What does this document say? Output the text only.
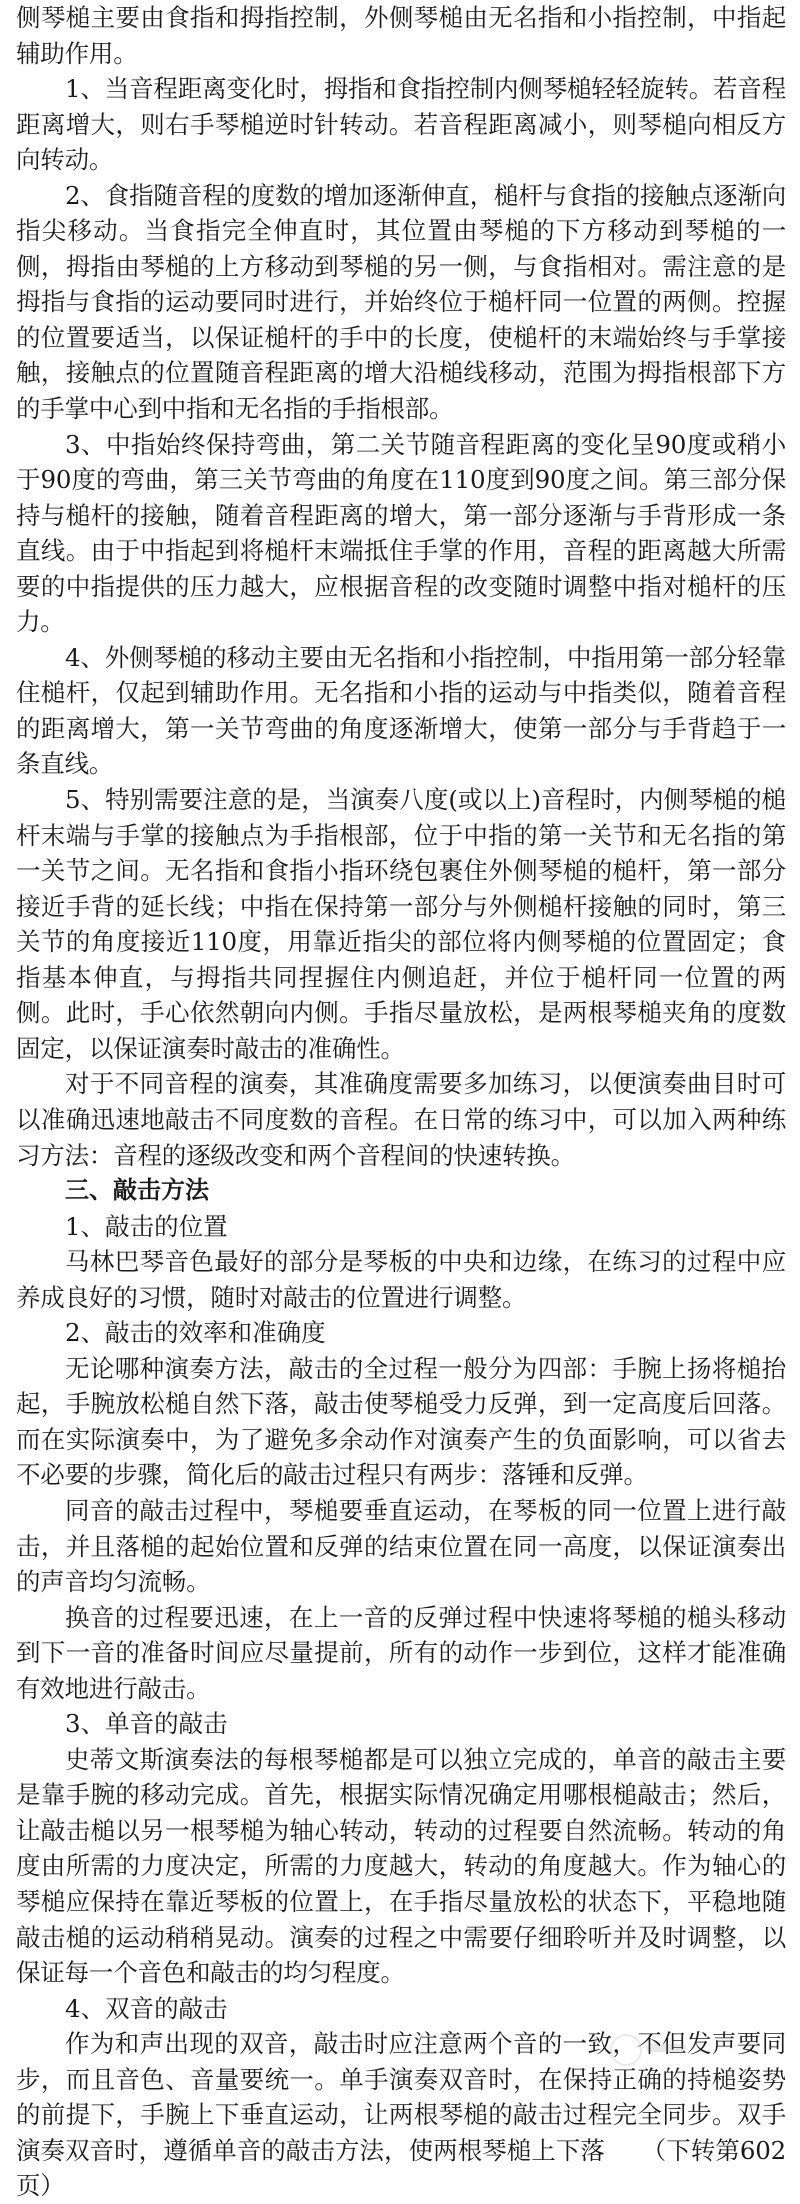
侧琴槌主要由食指和拇指控制，外侧琴槌由无名指和小指控制，中指起辅助作用。

1、当音程距离变化时，拇指和食指控制内侧琴槌轻轻旋转。若音程距离增大，则右手琴槌逆时针转动。若音程距离减小，则琴槌向相反方向转动。

2、食指随音程的度数的增加逐渐伸直，槌杆与食指的接触点逐渐向指尖移动。当食指完全伸直时，其位置由琴槌的下方移动到琴槌的一侧，拇指由琴槌的上方移动到琴槌的另一侧，与食指相对。需注意的是拇指与食指的运动要同时进行，并始终位于槌杆同一位置的两侧。控握的位置要适当，以保证槌杆的手中的长度，使槌杆的末端始终与手掌接触，接触点的位置随音程距离的增大沿槌线移动，范围为拇指根部下方的手掌中心到中指和无名指的手指根部。

3、中指始终保持弯曲，第二关节随音程距离的变化呈90度或稍小于90度的弯曲，第三关节弯曲的角度在110度到90度之间。第三部分保持与槌杆的接触，随着音程距离的增大，第一部分逐渐与手背形成一条直线。由于中指起到将槌杆末端抵住手掌的作用，音程的距离越大所需要的中指提供的压力越大，应根据音程的改变随时调整中指对槌杆的压力。

4、外侧琴槌的移动主要由无名指和小指控制，中指用第一部分轻靠住槌杆，仅起到辅助作用。无名指和小指的运动与中指类似，随着音程的距离增大，第一关节弯曲的角度逐渐增大，使第一部分与手背趋于一条直线。

5、特别需要注意的是，当演奏八度(或以上)音程时，内侧琴槌的槌杆末端与手掌的接触点为手指根部，位于中指的第一关节和无名指的第一关节之间。无名指和食指小指环绕包裹住外侧琴槌的槌杆，第一部分接近手背的延长线；中指在保持第一部分与外侧槌杆接触的同时，第三关节的角度接近110度，用靠近指尖的部位将内侧琴槌的位置固定；食指基本伸直，与拇指共同捏握住内侧追赶，并位于槌杆同一位置的两侧。此时，手心依然朝向内侧。手指尽量放松，是两根琴槌夹角的度数固定，以保证演奏时敲击的准确性。

对于不同音程的演奏，其准确度需要多加练习，以便演奏曲目时可以准确迅速地敲击不同度数的音程。在日常的练习中，可以加入两种练习方法：音程的逐级改变和两个音程间的快速转换。

三、敲击方法

1、敲击的位置

马林巴琴音色最好的部分是琴板的中央和边缘，在练习的过程中应养成良好的习惯，随时对敲击的位置进行调整。

2、敲击的效率和准确度

无论哪种演奏方法，敲击的全过程一般分为四部：手腕上扬将槌抬起，手腕放松槌自然下落，敲击使琴槌受力反弹，到一定高度后回落。而在实际演奏中，为了避免多余动作对演奏产生的负面影响，可以省去不必要的步骤，简化后的敲击过程只有两步：落锤和反弹。

同音的敲击过程中，琴槌要垂直运动，在琴板的同一位置上进行敲击，并且落槌的起始位置和反弹的结束位置在同一高度，以保证演奏出的声音均匀流畅。

换音的过程要迅速，在上一音的反弹过程中快速将琴槌的槌头移动到下一音的准备时间应尽量提前，所有的动作一步到位，这样才能准确有效地进行敲击。

3、单音的敲击

史蒂文斯演奏法的每根琴槌都是可以独立完成的，单音的敲击主要是靠手腕的移动完成。首先，根据实际情况确定用哪根槌敲击；然后，让敲击槌以另一根琴槌为轴心转动，转动的过程要自然流畅。转动的角度由所需的力度决定，所需的力度越大，转动的角度越大。作为轴心的琴槌应保持在靠近琴板的位置上，在手指尽量放松的状态下，平稳地随敲击槌的运动稍稍晃动。演奏的过程之中需要仔细聆听并及时调整，以保证每一个音色和敲击的均匀程度。

4、双音的敲击

作为和声出现的双音，敲击时应注意两个音的一致，不但发声要同步，而且音色、音量要统一。单手演奏双音时，在保持正确的持槌姿势的前提下，手腕上下垂直运动，让两根琴槌的敲击过程完全同步。双手演奏双音时，遵循单音的敲击方法，使两根琴槌上下落　　（下转第602页）
